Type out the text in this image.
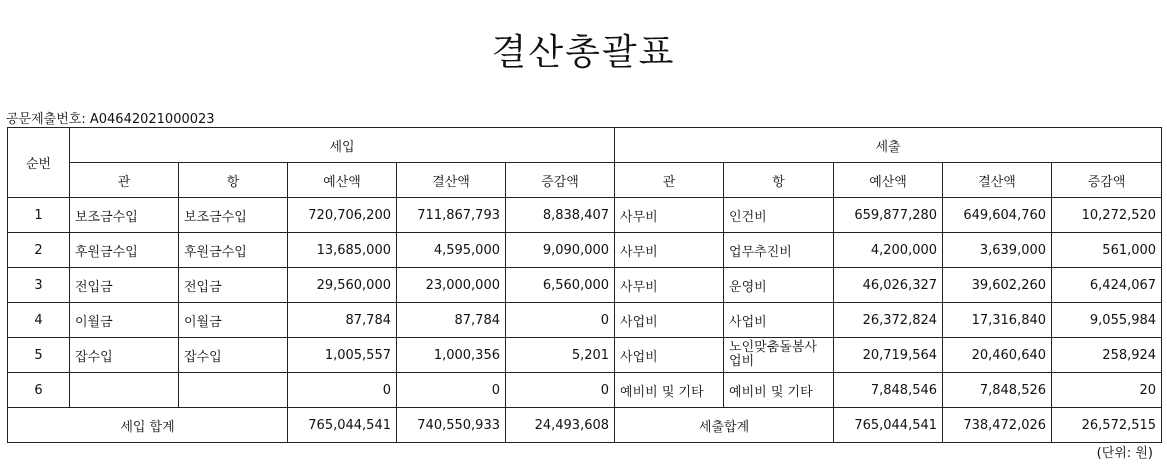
결산총괄표
공문제출번호: A04642021000023
순번	세입					세출				
	관	항	예산액	결산액	증감액	관	항	예산액	결산액	증감액
1	보조금수입	보조금수입	720,706,200	711,867,793	8,838,407	사무비	인건비	659,877,280	649,604,760	10,272,520
2	후원금수입	후원금수입	13,685,000	4,595,000	9,090,000	사무비	업무추진비	4,200,000	3,639,000	561,000
3	전입금	전입금	29,560,000	23,000,000	6,560,000	사무비	운영비	46,026,327	39,602,260	6,424,067
4	이월금	이월금	87,784	87,784	0	사업비	사업비	26,372,824	17,316,840	9,055,984
5	잡수입	잡수입	1,005,557	1,000,356	5,201	사업비	노인맞춤돌봄사업비	20,719,564	20,460,640	258,924
6			0	0	0	예비비 및 기타	예비비 및 기타	7,848,546	7,848,526	20
세입 합계			765,044,541	740,550,933	24,493,608	세출합계		765,044,541	738,472,026	26,572,515
(단위: 원)
